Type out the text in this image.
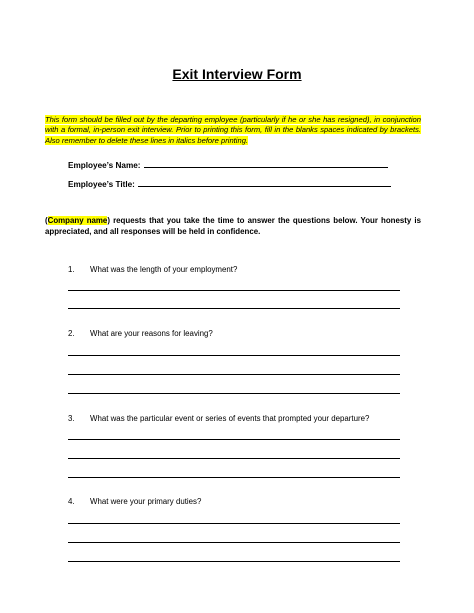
Exit Interview Form

This form should be filled out by the departing employee (particularly if he or she has resigned), in conjunction with a formal, in-person exit interview. Prior to printing this form, fill in the blanks spaces indicated by brackets. Also remember to delete these lines in italics before printing.

Employee’s Name:
Employee’s Title:

(Company name) requests that you take the time to answer the questions below. Your honesty is appreciated, and all responses will be held in confidence.

1. What was the length of your employment?
2. What are your reasons for leaving?
3. What was the particular event or series of events that prompted your departure?
4. What were your primary duties?
